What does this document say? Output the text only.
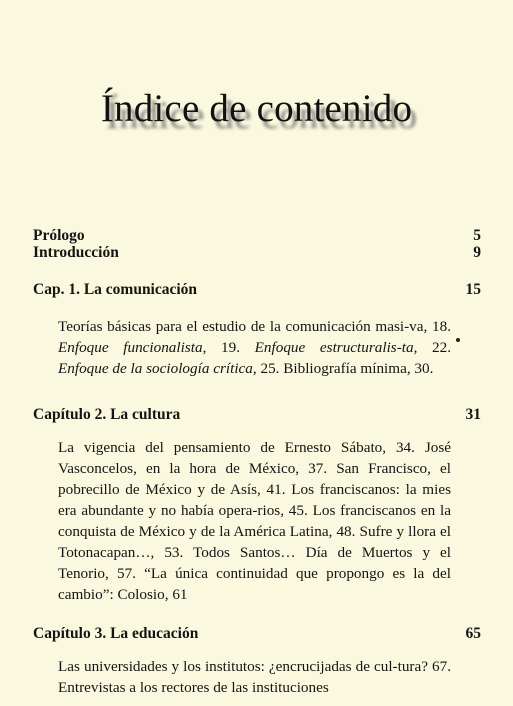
Índice de contenido
Prólogo	5
Introducción	9
Cap. 1. La comunicación	15
Teorías básicas para el estudio de la comunicación masi-va, 18. Enfoque funcionalista, 19. Enfoque estructuralis-ta, 22. Enfoque de la sociología crítica, 25. Bibliografía mínima, 30.
Capítulo 2. La cultura	31
La vigencia del pensamiento de Ernesto Sábato, 34. José Vasconcelos, en la hora de México, 37. San Francisco, el pobrecillo de México y de Asís, 41. Los franciscanos: la mies era abundante y no había opera-rios, 45. Los franciscanos en la conquista de México y de la América Latina, 48. Sufre y llora el Totonacapan…, 53. Todos Santos… Día de Muertos y el Tenorio, 57. “La única continuidad que propongo es la del cambio”: Colosio, 61
Capítulo 3. La educación	65
Las universidades y los institutos: ¿encrucijadas de cul-tura? 67. Entrevistas a los rectores de las instituciones
